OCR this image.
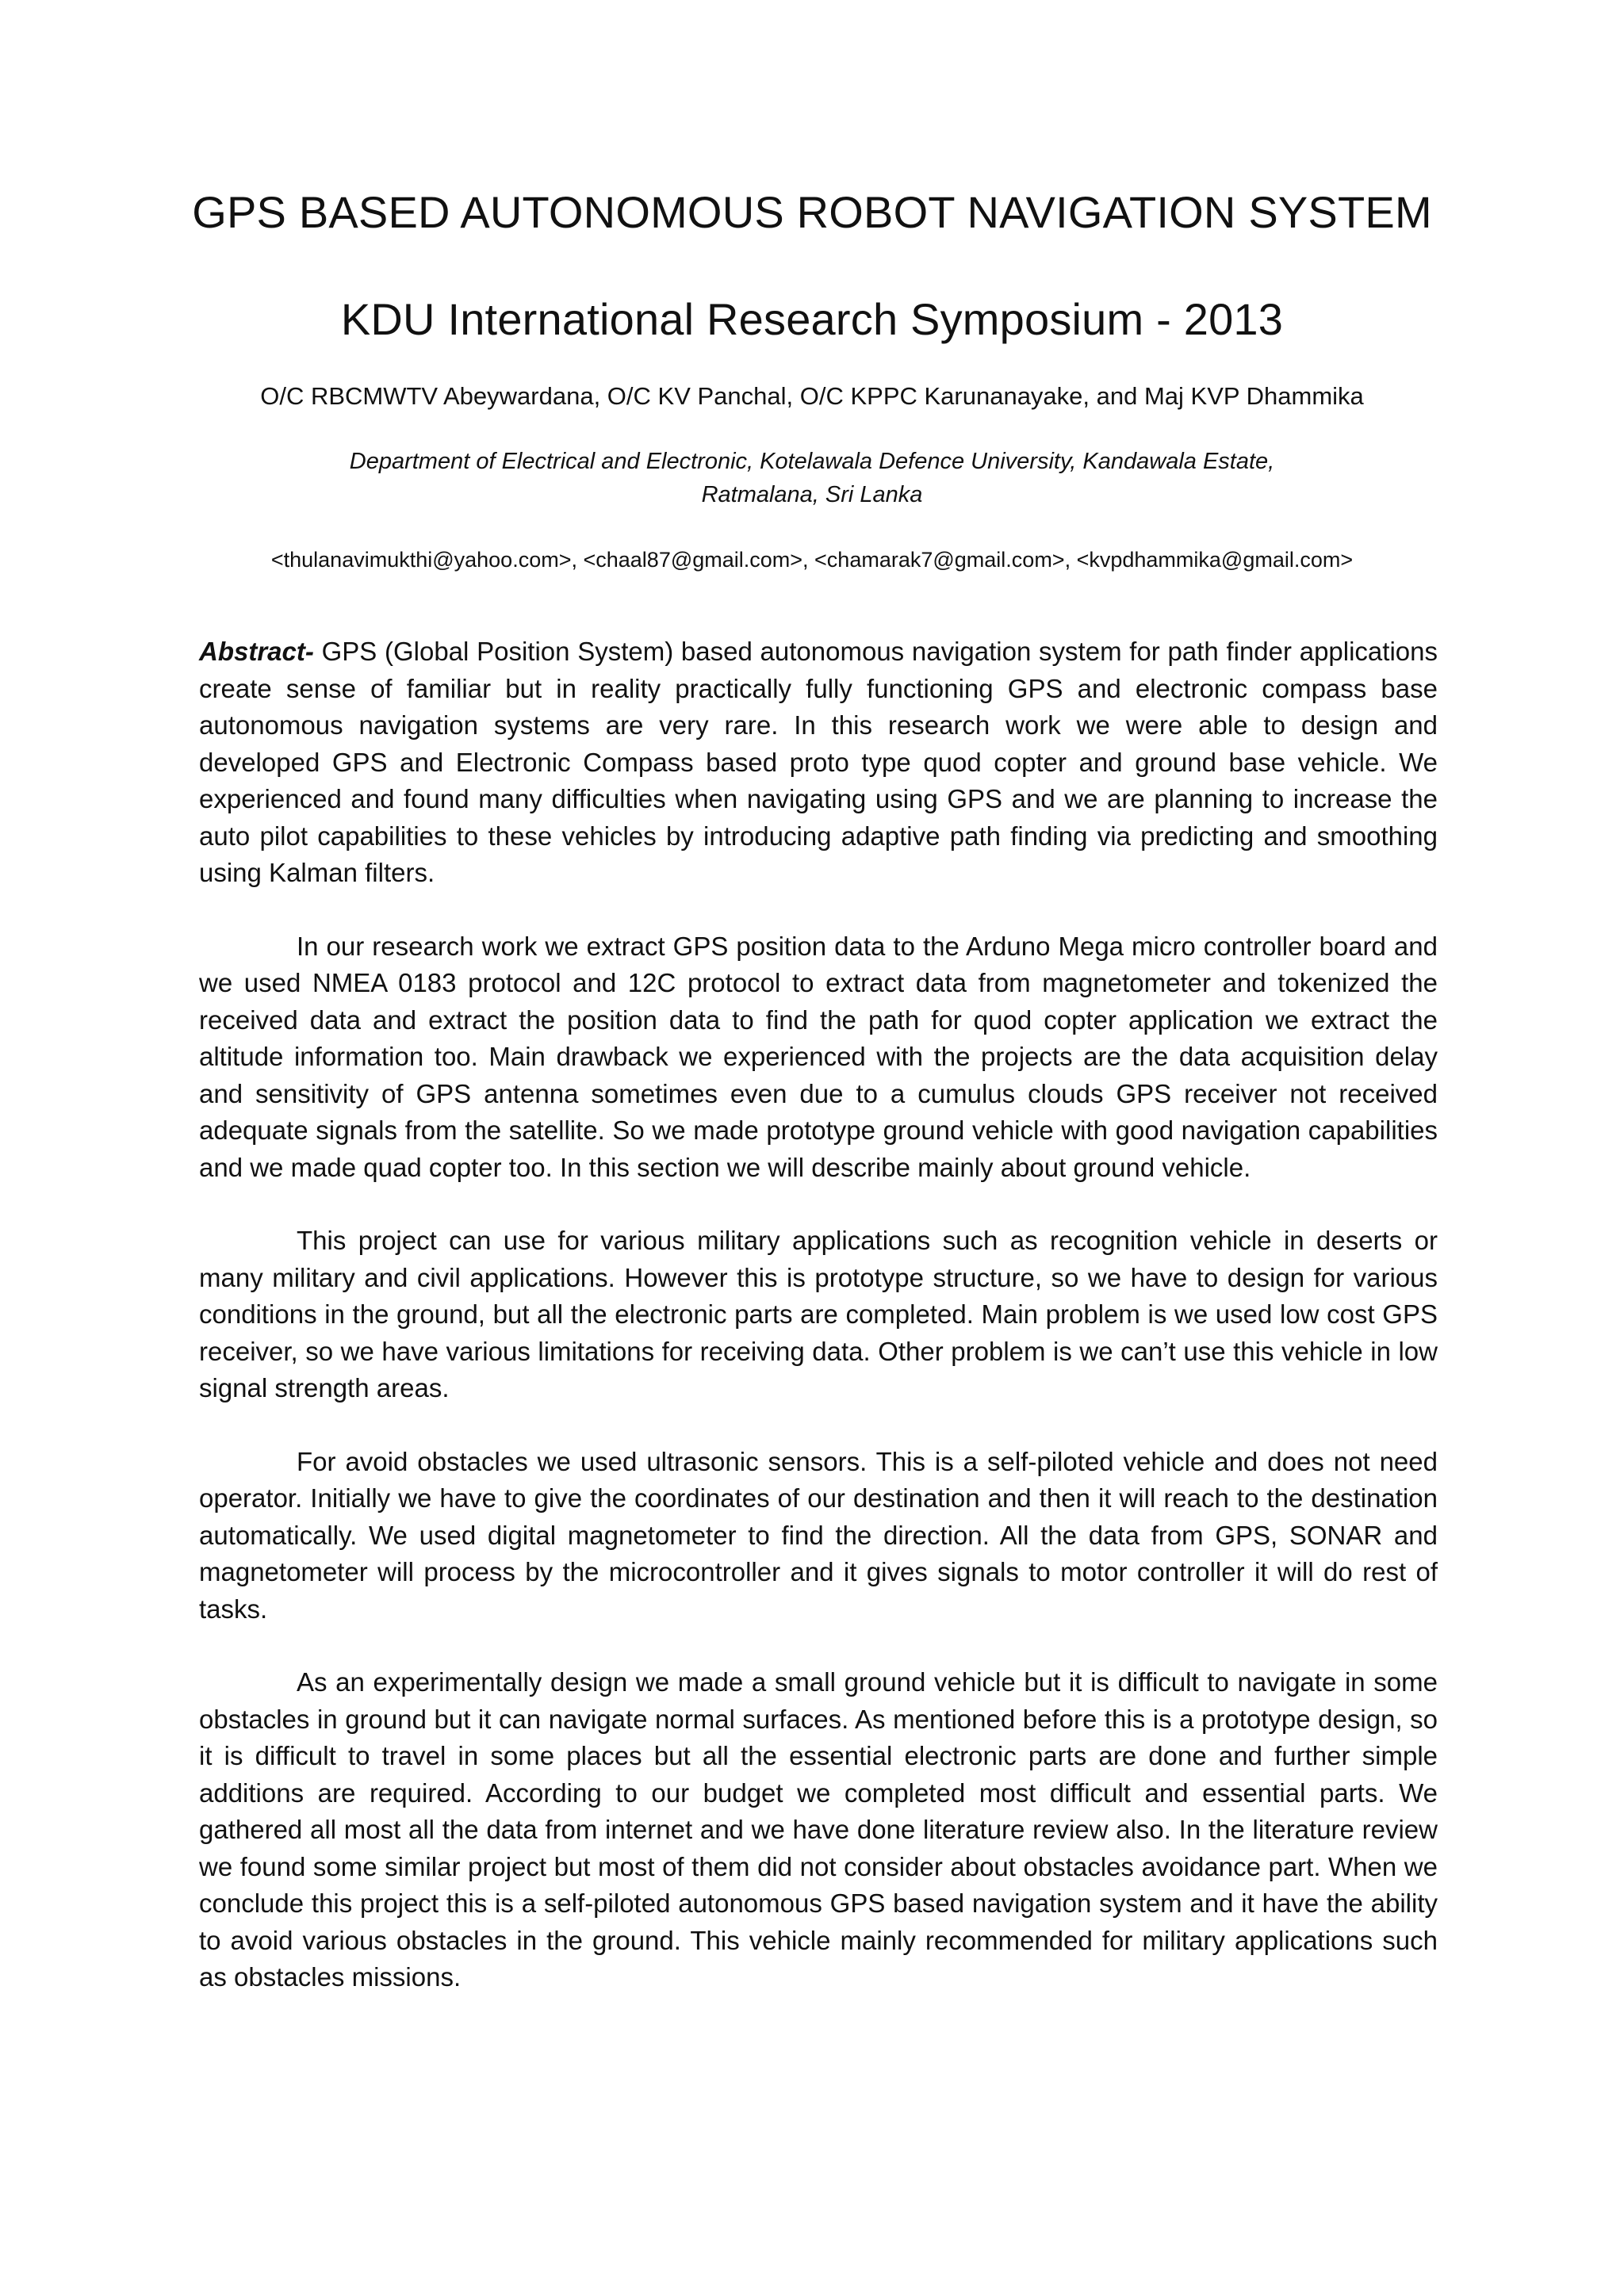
GPS BASED AUTONOMOUS ROBOT NAVIGATION SYSTEM
KDU International Research Symposium - 2013

O/C RBCMWTV Abeywardana, O/C KV Panchal, O/C KPPC Karunanayake, and Maj KVP Dhammika

Department of Electrical and Electronic, Kotelawala Defence University, Kandawala Estate, Ratmalana, Sri Lanka

<thulanavimukthi@yahoo.com>, <chaal87@gmail.com>, <chamarak7@gmail.com>, <kvpdhammika@gmail.com>

Abstract- GPS (Global Position System) based autonomous navigation system for path finder applications create sense of familiar but in reality practically fully functioning GPS and electronic compass base autonomous navigation systems are very rare. In this research work we were able to design and developed GPS and Electronic Compass based proto type quod copter and ground base vehicle. We experienced and found many difficulties when navigating using GPS and we are planning to increase the auto pilot capabilities to these vehicles by introducing adaptive path finding via predicting and smoothing using Kalman filters.

In our research work we extract GPS position data to the Arduno Mega micro controller board and we used NMEA 0183 protocol and 12C protocol to extract data from magnetometer and tokenized the received data and extract the position data to find the path for quod copter application we extract the altitude information too. Main drawback we experienced with the projects are the data acquisition delay and sensitivity of GPS antenna sometimes even due to a cumulus clouds GPS receiver not received adequate signals from the satellite. So we made prototype ground vehicle with good navigation capabilities and we made quad copter too. In this section we will describe mainly about ground vehicle.

This project can use for various military applications such as recognition vehicle in deserts or many military and civil applications. However this is prototype structure, so we have to design for various conditions in the ground, but all the electronic parts are completed. Main problem is we used low cost GPS receiver, so we have various limitations for receiving data. Other problem is we can’t use this vehicle in low signal strength areas.

For avoid obstacles we used ultrasonic sensors. This is a self-piloted vehicle and does not need operator. Initially we have to give the coordinates of our destination and then it will reach to the destination automatically. We used digital magnetometer to find the direction. All the data from GPS, SONAR and magnetometer will process by the microcontroller and it gives signals to motor controller it will do rest of tasks.

As an experimentally design we made a small ground vehicle but it is difficult to navigate in some obstacles in ground but it can navigate normal surfaces. As mentioned before this is a prototype design, so it is difficult to travel in some places but all the essential electronic parts are done and further simple additions are required. According to our budget we completed most difficult and essential parts. We gathered all most all the data from internet and we have done literature review also. In the literature review we found some similar project but most of them did not consider about obstacles avoidance part. When we conclude this project this is a self-piloted autonomous GPS based navigation system and it have the ability to avoid various obstacles in the ground. This vehicle mainly recommended for military applications such as obstacles missions.
